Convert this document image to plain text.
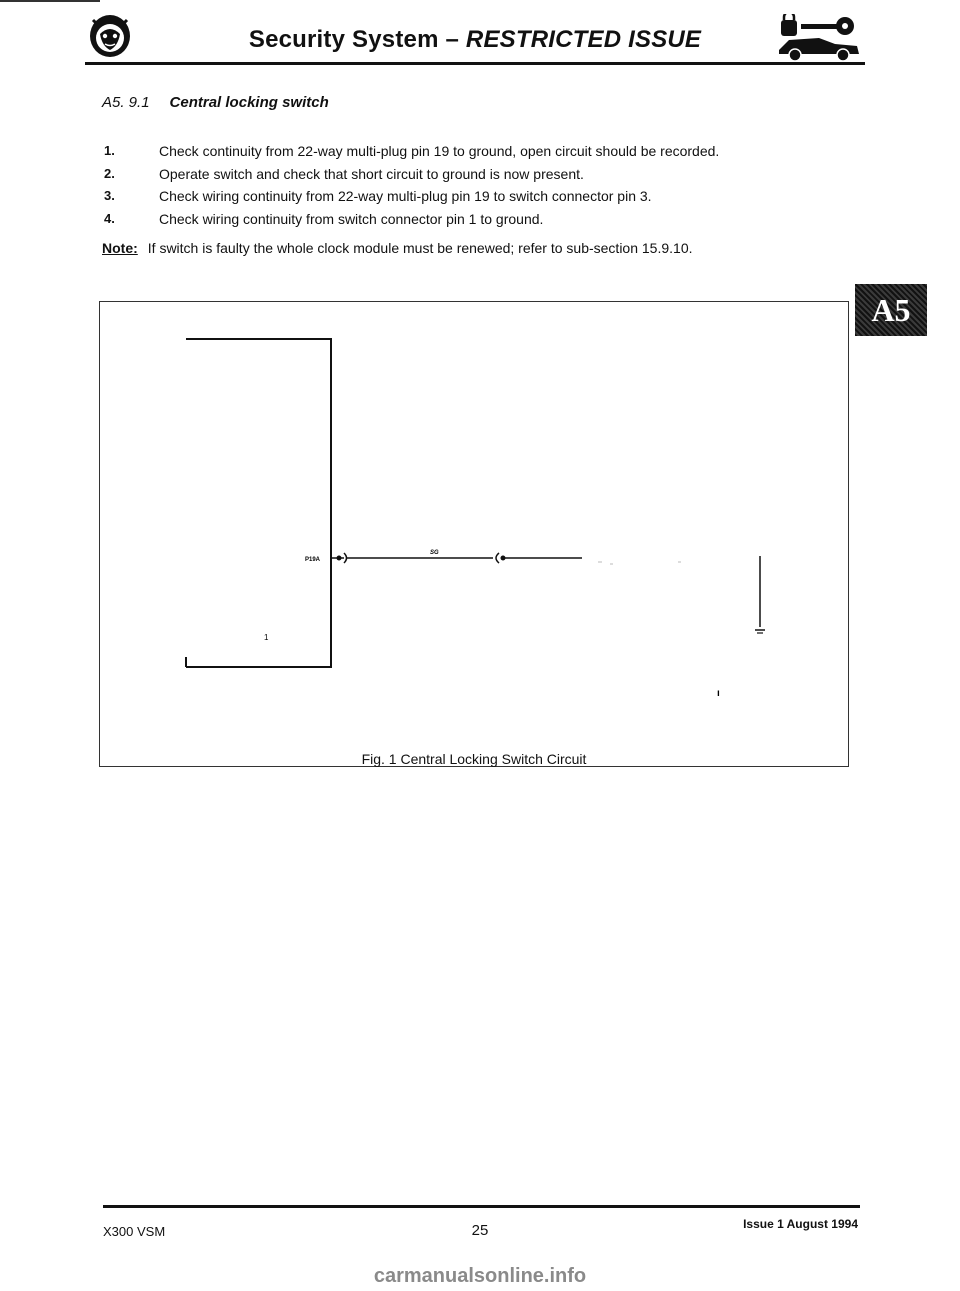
Security System – RESTRICTED ISSUE
A5. 9.1 Central locking switch
1.	Check continuity from 22-way multi-plug pin 19 to ground, open circuit should be recorded.
2.	Operate switch and check that short circuit to ground is now present.
3.	Check wiring continuity from 22-way multi-plug pin 19 to switch connector pin 3.
4.	Check wiring continuity from switch connector pin 1 to ground.
Note: If switch is faulty the whole clock module must be renewed; refer to sub-section 15.9.10.
A5
P19A
SG
1
ı
Fig. 1 Central Locking Switch Circuit
X300 VSM	25	Issue 1 August 1994
carmanualsonline.info
